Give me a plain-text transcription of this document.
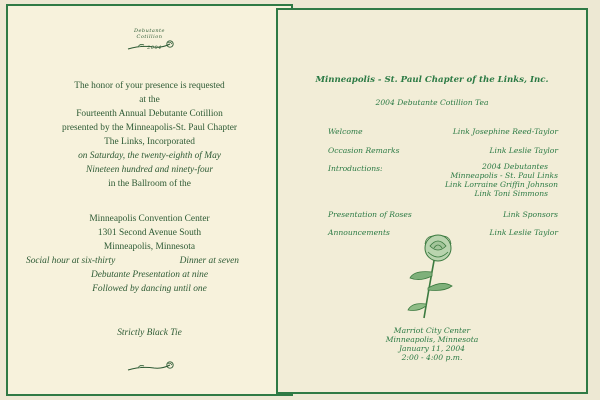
Debutante
Cotillion
2004
The honor of your presence is requested
at the
Fourteenth Annual Debutante Cotillion
presented by the Minneapolis-St. Paul Chapter
The Links, Incorporated
on Saturday, the twenty-eighth of May
Nineteen hundred and ninety-four
in the Ballroom of the
Minneapolis Convention Center
1301 Second Avenue South
Minneapolis, Minnesota
Social hour at six-thirty	Dinner at seven
Debutante Presentation at nine
Followed by dancing until one
Strictly Black Tie
Minneapolis - St. Paul Chapter of the Links, Inc.
2004 Debutante Cotillion Tea
Welcome	Link Josephine Reed-Taylor
Occasion Remarks	Link Leslie Taylor
Introductions:	2004 Debutantes
Minneapolis - St. Paul Links
Link Lorraine Griffin Johnson
Link Toni Simmons
Presentation of Roses	Link Sponsors
Announcements	Link Leslie Taylor
Marriot City Center
Minneapolis, Minnesota
January 11, 2004
2:00 - 4:00 p.m.
